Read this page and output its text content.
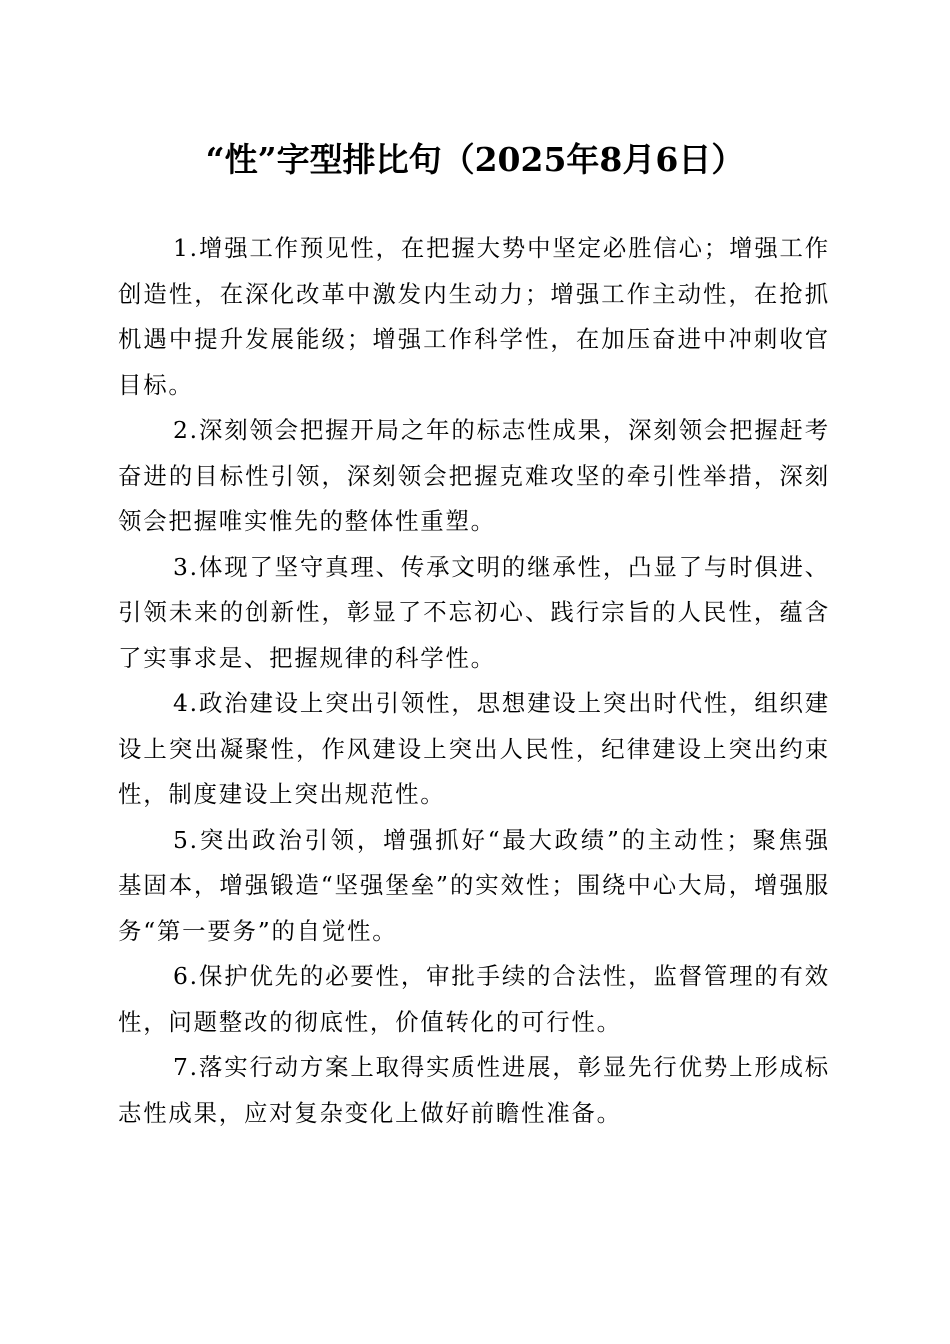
“性”字型排比句（2025年8月6日）

1.增强工作预见性，在把握大势中坚定必胜信心；增强工作创造性，在深化改革中激发内生动力；增强工作主动性，在抢抓机遇中提升发展能级；增强工作科学性，在加压奋进中冲刺收官目标。

2.深刻领会把握开局之年的标志性成果，深刻领会把握赶考奋进的目标性引领，深刻领会把握克难攻坚的牵引性举措，深刻领会把握唯实惟先的整体性重塑。

3.体现了坚守真理、传承文明的继承性，凸显了与时俱进、引领未来的创新性，彰显了不忘初心、践行宗旨的人民性，蕴含了实事求是、把握规律的科学性。

4.政治建设上突出引领性，思想建设上突出时代性，组织建设上突出凝聚性，作风建设上突出人民性，纪律建设上突出约束性，制度建设上突出规范性。

5.突出政治引领，增强抓好“最大政绩”的主动性；聚焦强基固本，增强锻造“坚强堡垒”的实效性；围绕中心大局，增强服务“第一要务”的自觉性。

6.保护优先的必要性，审批手续的合法性，监督管理的有效性，问题整改的彻底性，价值转化的可行性。

7.落实行动方案上取得实质性进展，彰显先行优势上形成标志性成果，应对复杂变化上做好前瞻性准备。
